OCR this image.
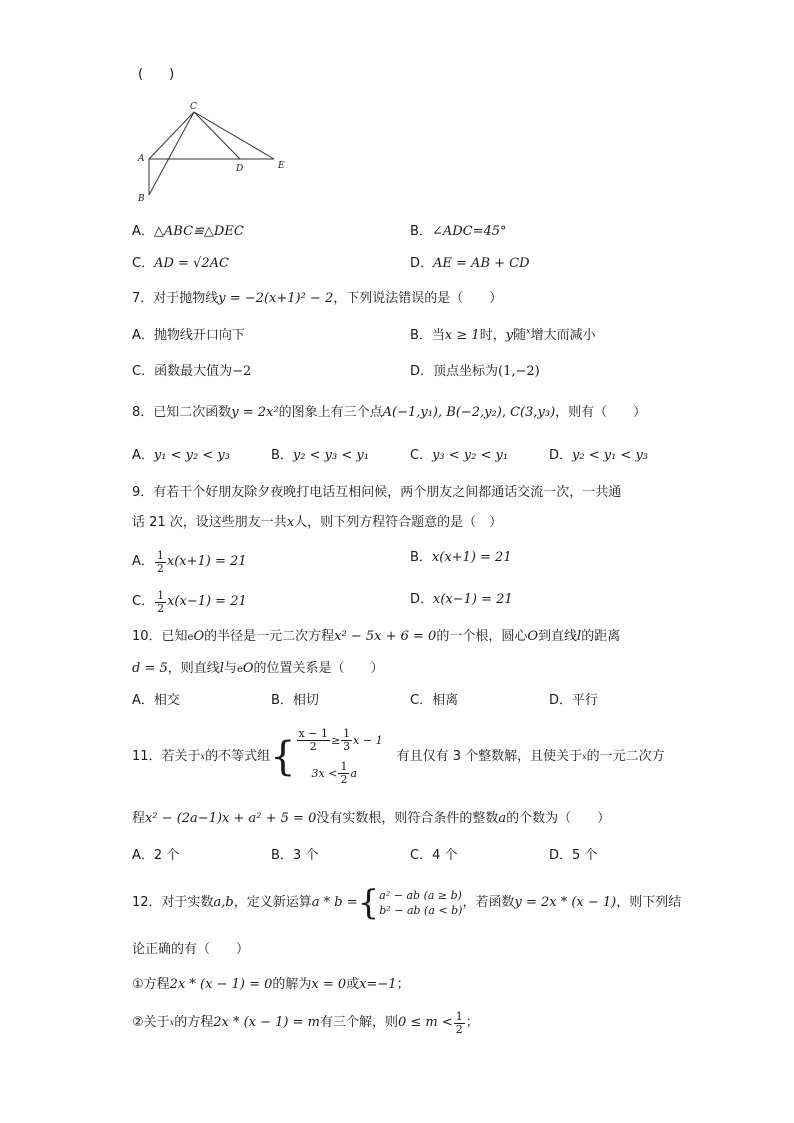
(　　)
C
A
D	E
B
A．△ABC≌△DEC	B．∠ADC=45°
C．AD = √2AC	D．AE = AB + CD
7．对于抛物线y = −2(x+1)² − 2，下列说法错误的是（　　）
A．抛物线开口向下	B．当x ≥ 1时，y随$^x$增大而减小
C．函数最大值为−2	D．顶点坐标为(1,−2)
8．已知二次函数y = 2x²的图象上有三个点A(−1,y₁), B(−2,y₂), C(3,y₃)，则有（　　）
A．y₁ < y₂ < y₃	B．y₂ < y₃ < y₁	C．y₃ < y₂ < y₁	D．y₂ < y₁ < y₃
9．有若干个好朋友除夕夜晚打电话互相问候，两个朋友之间都通话交流一次，一共通
话 21 次，设这些朋友一共x人，则下列方程符合题意的是（　）
A． $\frac{1}{2} x(x+1) = 21$	B．x(x+1) = 21
C． $\frac{1}{2} x(x-1) = 21$	D．x(x−1) = 21
10．已知eO的半径是一元二次方程x² − 5x + 6 = 0的一个根，圆心O到直线l的距离
d = 5，则直线l与eO的位置关系是（　　）
A．相交	B．相切	C．相离	D．平行
11．若关于 x 的不等式组 { $\frac{x - 1}{2} \ge \frac{1}{3}$ x − 1
$3x < \frac{1}{2}$ a
有且仅有 3 个整数解，且使关于 x 的一元二次方
程x² − (2a−1)x + a² + 5 = 0没有实数根，则符合条件的整数a的个数为（　　）
A．2 个	B．3 个	C．4 个	D．5 个
12．对于实数 a,b ，定义新运算 a * b = { a² − ab (a ≥ b)
b² − ab (a < b)
，若函数 y = 2x * (x − 1) ，则下列结
论正确的有（　　）
①方程2x * (x − 1) = 0的解为x = 0或x=−1；
② 关于 x 的方程 2x * (x − 1) = m 有三个解，则 $0 \le m < \frac{1}{2}$ ；
